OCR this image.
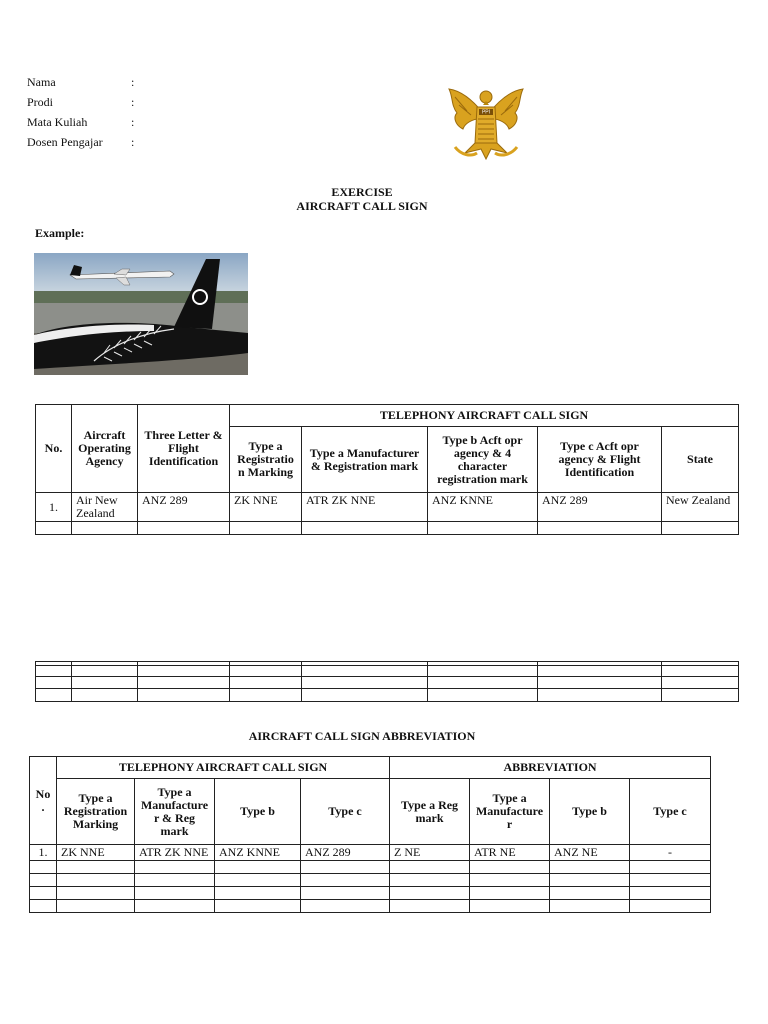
Nama	:
Prodi	:
Mata Kuliah	:
Dosen Pengajar	:
PPI
EXERCISE
AIRCRAFT CALL SIGN
Example:
No.	Aircraft Operating Agency	Three Letter & Flight Identification	TELEPHONY AIRCRAFT CALL SIGN				
			Type a Registratio n Marking	Type a Manufacturer & Registration mark	Type b Acft opr agency & 4 character registration mark	Type c Acft opr agency & Flight Identification	State
1.	Air New Zealand	ANZ 289	ZK NNE	ATR ZK NNE	ANZ KNNE	ANZ 289	New Zealand

AIRCRAFT CALL SIGN ABBREVIATION
No .	TELEPHONY AIRCRAFT CALL SIGN				ABBREVIATION			
	Type a Registration Marking	Type a Manufacture r & Reg mark	Type b	Type c	Type a Reg mark	Type a Manufacture r	Type b	Type c
1.	ZK NNE	ATR ZK NNE	ANZ KNNE	ANZ 289	Z NE	ATR NE	ANZ NE	-
